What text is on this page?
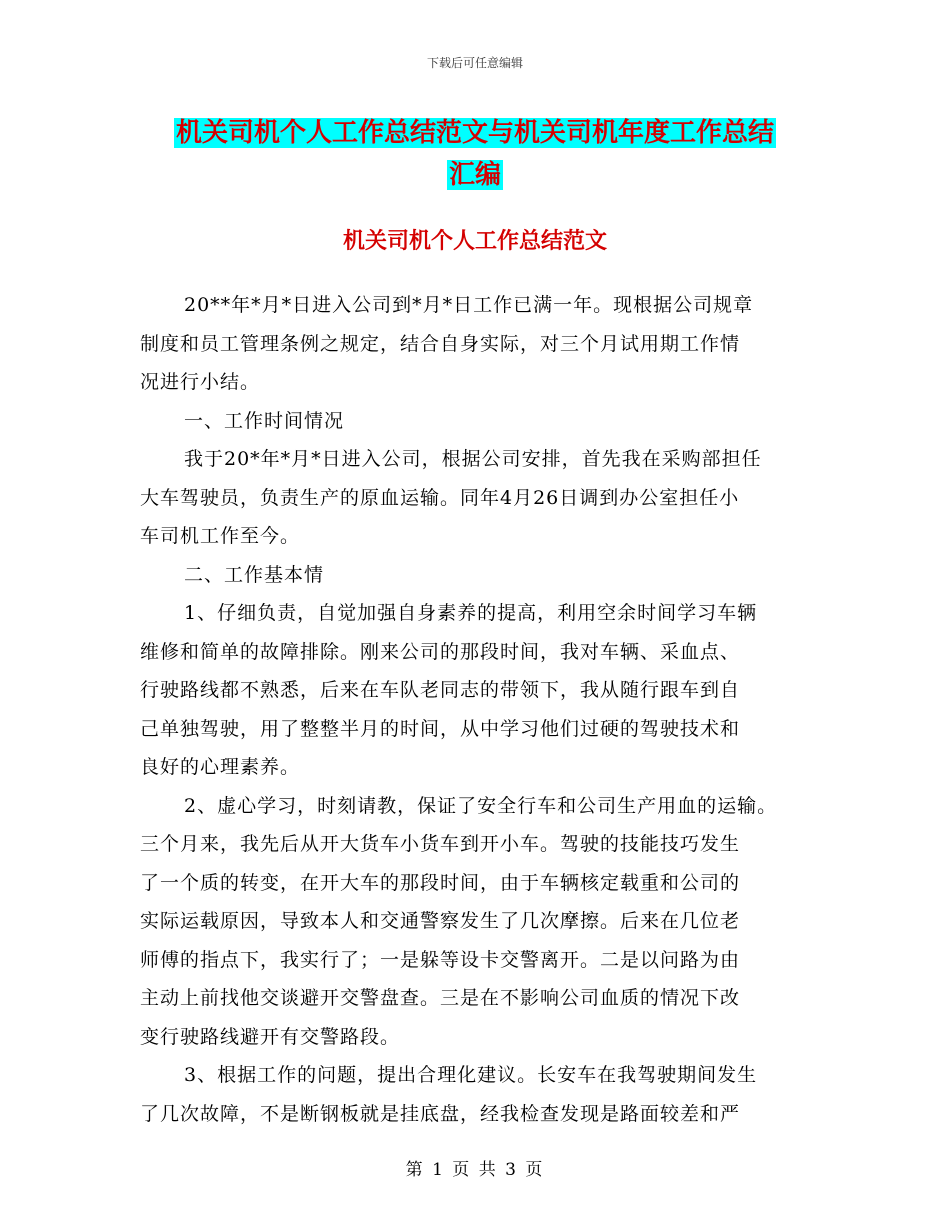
下载后可任意编辑
机关司机个人工作总结范文与机关司机年度工作总结
汇编
机关司机个人工作总结范文
20**年*月*日进入公司到*月*日工作已满一年。现根据公司规章
制度和员工管理条例之规定，结合自身实际，对三个月试用期工作情
况进行小结。
一、工作时间情况
我于20*年*月*日进入公司，根据公司安排，首先我在采购部担任
大车驾驶员，负责生产的原血运输。同年4月26日调到办公室担任小
车司机工作至今。
二、工作基本情
1、仔细负责，自觉加强自身素养的提高，利用空余时间学习车辆
维修和简单的故障排除。刚来公司的那段时间，我对车辆、采血点、
行驶路线都不熟悉，后来在车队老同志的带领下，我从随行跟车到自
己单独驾驶，用了整整半月的时间，从中学习他们过硬的驾驶技术和
良好的心理素养。
2、虚心学习，时刻请教，保证了安全行车和公司生产用血的运输。
三个月来，我先后从开大货车小货车到开小车。驾驶的技能技巧发生
了一个质的转变，在开大车的那段时间，由于车辆核定载重和公司的
实际运载原因，导致本人和交通警察发生了几次摩擦。后来在几位老
师傅的指点下，我实行了；一是躲等设卡交警离开。二是以问路为由
主动上前找他交谈避开交警盘查。三是在不影响公司血质的情况下改
变行驶路线避开有交警路段。
3、根据工作的问题，提出合理化建议。长安车在我驾驶期间发生
了几次故障，不是断钢板就是挂底盘，经我检查发现是路面较差和严
第 1 页 共 3 页
